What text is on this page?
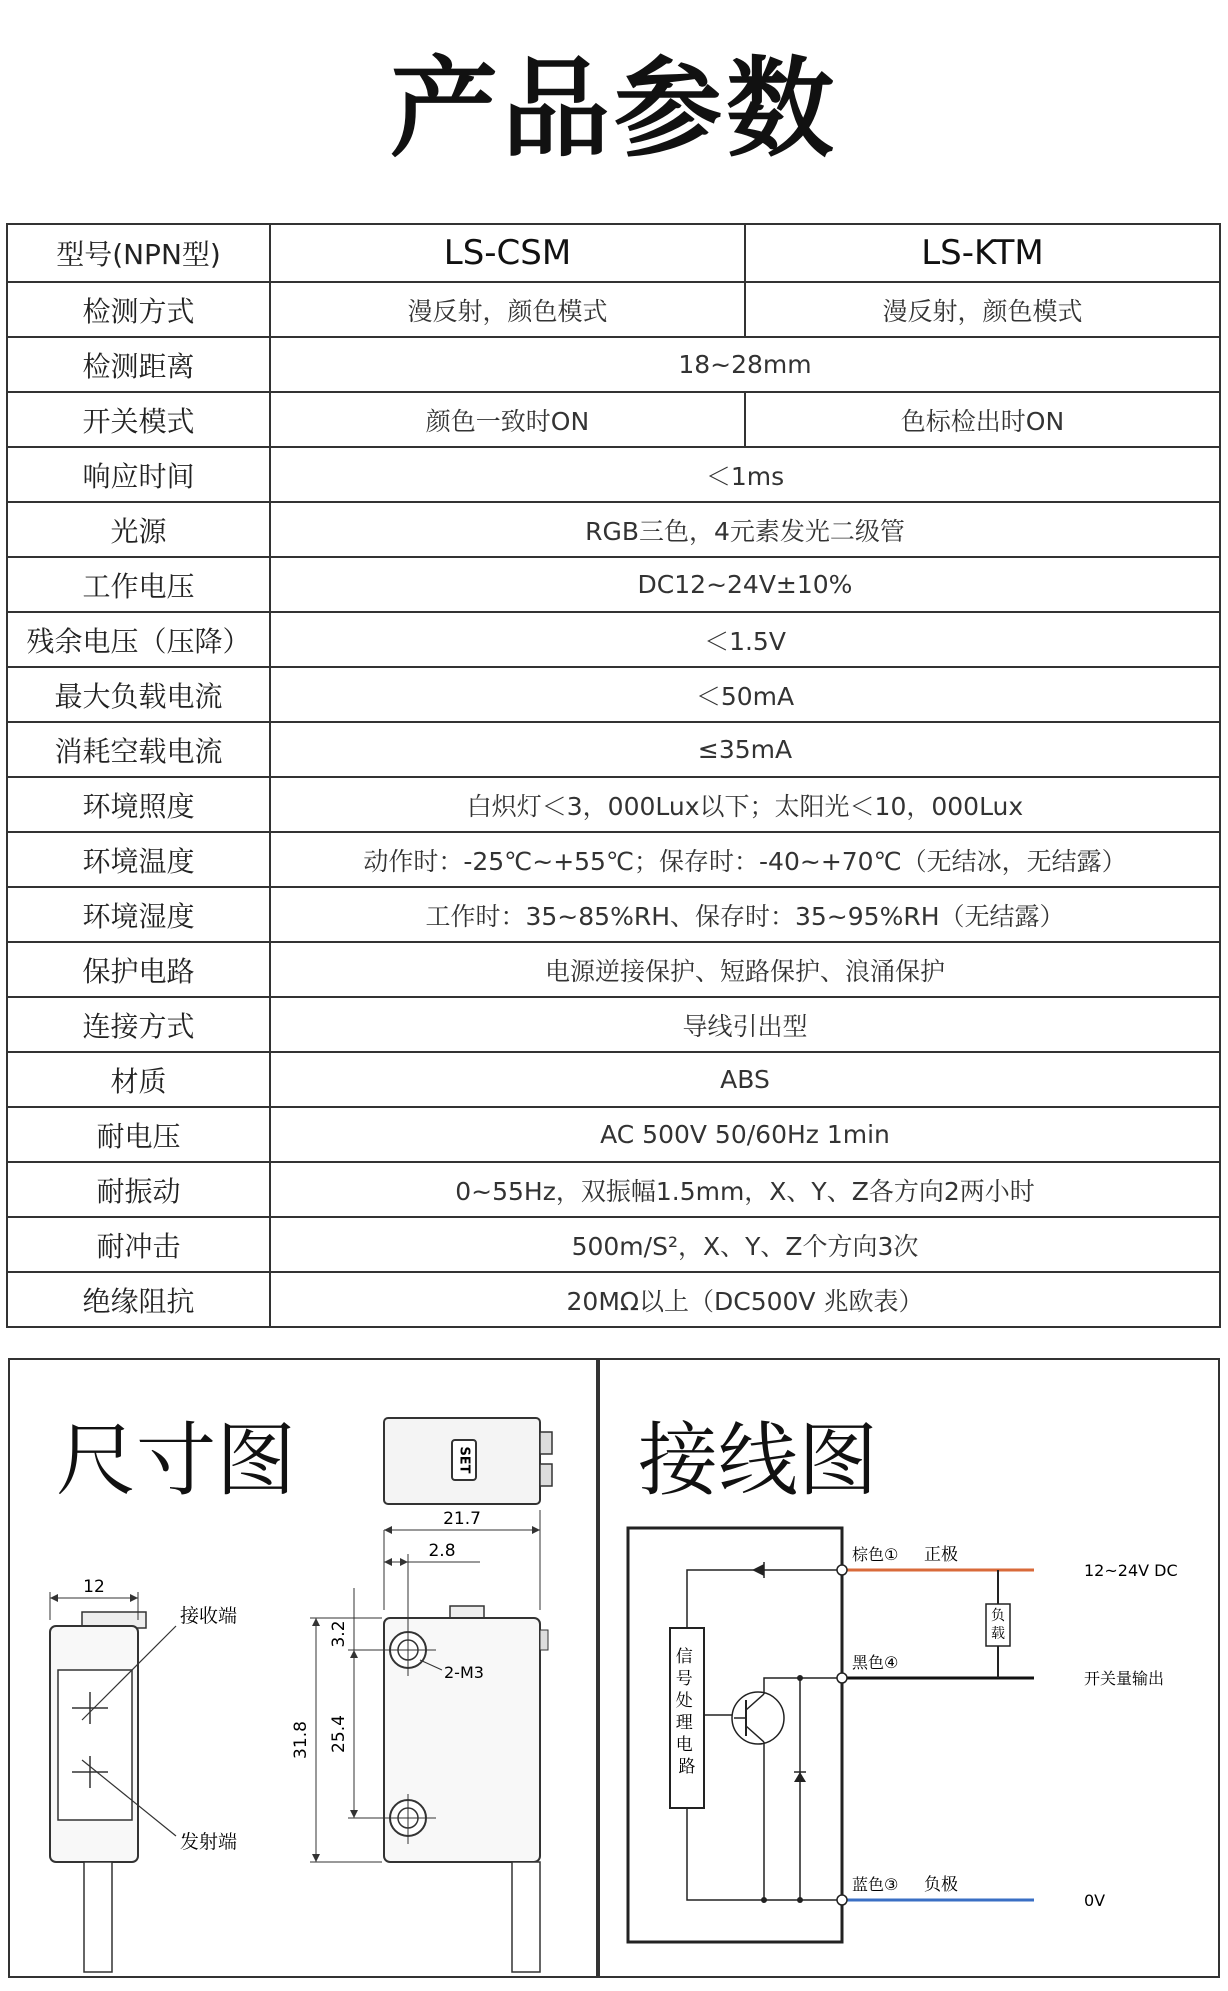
产品参数
型号(NPN型)	LS-CSM	LS-KTM
检测方式	漫反射，颜色模式	漫反射，颜色模式
检测距离	18~28mm	
开关模式	颜色一致时ON	色标检出时ON
响应时间	＜1ms	
光源	RGB三色，4元素发光二级管	
工作电压	DC12~24V±10%	
残余电压（压降）	＜1.5V	
最大负载电流	＜50mA	
消耗空载电流	≤35mA	
环境照度	白炽灯＜3，000Lux以下；太阳光＜10，000Lux	
环境温度	动作时：-25℃~+55℃；保存时：-40~+70℃（无结冰，无结露）	
环境湿度	工作时：35~85%RH、保存时：35~95%RH（无结露）	
保护电路	电源逆接保护、短路保护、浪涌保护	
连接方式	导线引出型	
材质	ABS	
耐电压	AC 500V 50/60Hz 1min	
耐振动	0~55Hz，双振幅1.5mm，X、Y、Z各方向2两小时	
耐冲击	500m/S²，X、Y、Z个方向3次	
绝缘阻抗	20MΩ以上（DC500V 兆欧表）	
尺寸图	SET
12
接收端
发射端
2-M3
21.7
2.8
31.8 25.4
3.2
接线图
信 号 处 理 电 路
负载
棕色① 正极
12~24V DC
黑色④
开关量输出
蓝色③ 负极
0V
